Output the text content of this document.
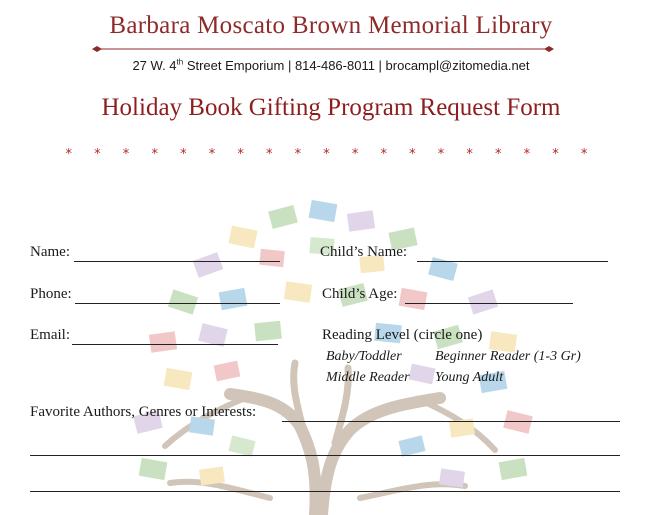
Barbara Moscato Brown Memorial Library
27 W. 4th Street Emporium | 814-486-8011 | brocampl@zitomedia.net
Holiday Book Gifting Program Request Form
* * * * * * * * * * * * * * * * * * *
Name:
Phone:
Email:
Child’s Name:
Child’s Age:
Reading Level (circle one)
Baby/Toddler Beginner Reader (1-3 Gr)
Middle Reader Young Adult
Favorite Authors, Genres or Interests:
